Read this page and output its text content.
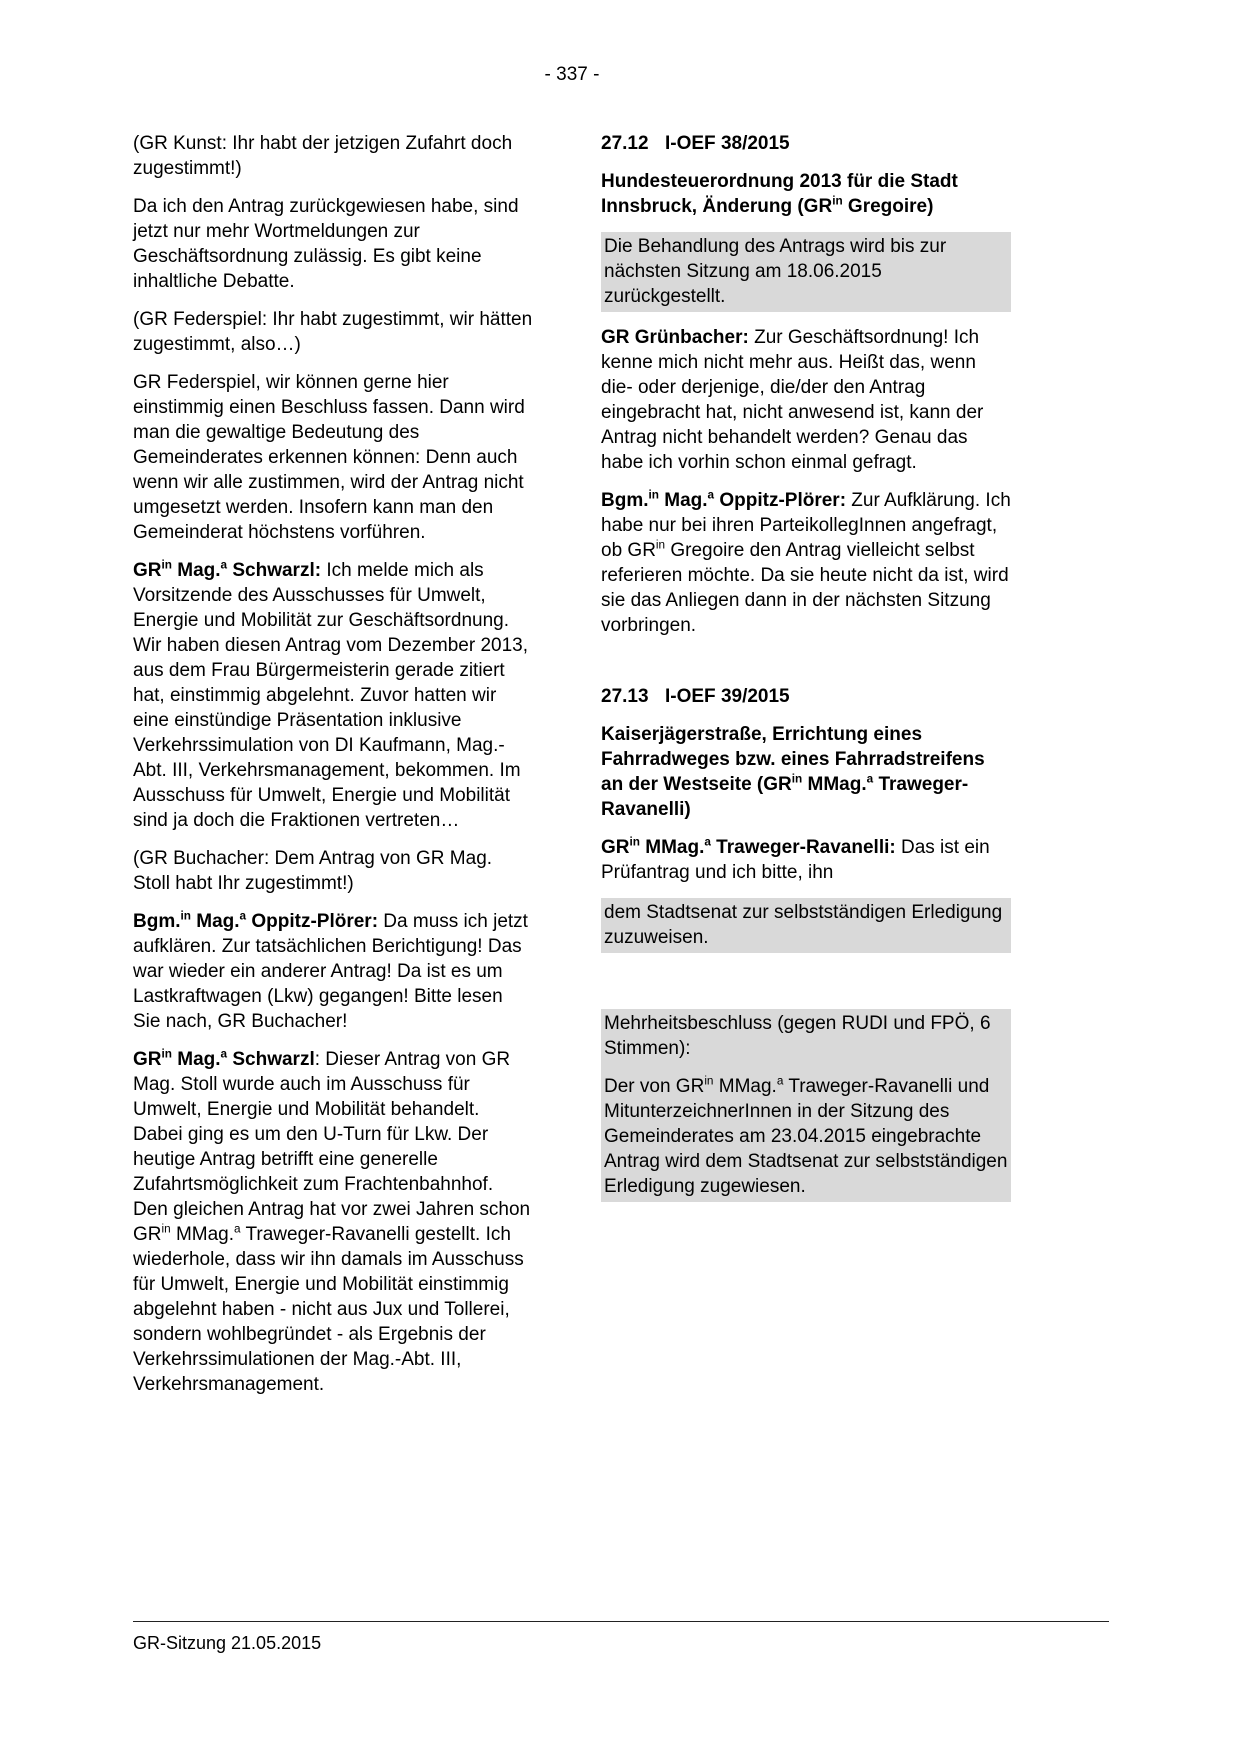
- 337 -

(GR Kunst: Ihr habt der jetzigen Zufahrt doch zugestimmt!)

Da ich den Antrag zurückgewiesen habe, sind jetzt nur mehr Wortmeldungen zur Geschäftsordnung zulässig. Es gibt keine inhaltliche Debatte.

(GR Federspiel: Ihr habt zugestimmt, wir hätten zugestimmt, also…)

GR Federspiel, wir können gerne hier einstimmig einen Beschluss fassen. Dann wird man die gewaltige Bedeutung des Gemeinderates erkennen können: Denn auch wenn wir alle zustimmen, wird der Antrag nicht umgesetzt werden. Insofern kann man den Gemeinderat höchstens vorführen.

$GR^{in}$ Mag.$^a$ Schwarzl: Ich melde mich als Vorsitzende des Ausschusses für Umwelt, Energie und Mobilität zur Geschäftsordnung. Wir haben diesen Antrag vom Dezember 2013, aus dem Frau Bürgermeisterin gerade zitiert hat, einstimmig abgelehnt. Zuvor hatten wir eine einstündige Präsentation inklusive Verkehrssimulation von DI Kaufmann, Mag.-Abt. III, Verkehrsmanagement, bekommen. Im Ausschuss für Umwelt, Energie und Mobilität sind ja doch die Fraktionen vertreten…

(GR Buchacher: Dem Antrag von GR Mag. Stoll habt Ihr zugestimmt!)

Bgm.$^{in}$ Mag.$^a$ Oppitz-Plörer: Da muss ich jetzt aufklären. Zur tatsächlichen Berichtigung! Das war wieder ein anderer Antrag! Da ist es um Lastkraftwagen (Lkw) gegangen! Bitte lesen Sie nach, GR Buchacher!

$GR^{in}$ Mag.$^a$ Schwarzl: Dieser Antrag von GR Mag. Stoll wurde auch im Ausschuss für Umwelt, Energie und Mobilität behandelt. Dabei ging es um den U-Turn für Lkw. Der heutige Antrag betrifft eine generelle Zufahrtsmöglichkeit zum Frachtenbahnhof. Den gleichen Antrag hat vor zwei Jahren schon $GR^{in}$ MMag.$^a$ Traweger-Ravanelli gestellt. Ich wiederhole, dass wir ihn damals im Ausschuss für Umwelt, Energie und Mobilität einstimmig abgelehnt haben - nicht aus Jux und Tollerei, sondern wohlbegründet - als Ergebnis der Verkehrssimulationen der Mag.-Abt. III, Verkehrsmanagement.

27.12 I-OEF 38/2015

Hundesteuerordnung 2013 für die Stadt Innsbruck, Änderung ($GR^{in}$ Gregoire)

Die Behandlung des Antrags wird bis zur nächsten Sitzung am 18.06.2015 zurückgestellt.

GR Grünbacher: Zur Geschäftsordnung! Ich kenne mich nicht mehr aus. Heißt das, wenn die- oder derjenige, die/der den Antrag eingebracht hat, nicht anwesend ist, kann der Antrag nicht behandelt werden? Genau das habe ich vorhin schon einmal gefragt.

Bgm.$^{in}$ Mag.$^a$ Oppitz-Plörer: Zur Aufklärung. Ich habe nur bei ihren ParteikollegInnen angefragt, ob $GR^{in}$ Gregoire den Antrag vielleicht selbst referieren möchte. Da sie heute nicht da ist, wird sie das Anliegen dann in der nächsten Sitzung vorbringen.

27.13 I-OEF 39/2015

Kaiserjägerstraße, Errichtung eines Fahrradweges bzw. eines Fahrradstreifens an der Westseite ($GR^{in}$ MMag.$^a$ Traweger-Ravanelli)

$GR^{in}$ MMag.$^a$ Traweger-Ravanelli: Das ist ein Prüfantrag und ich bitte, ihn

dem Stadtsenat zur selbstständigen Erledigung zuzuweisen.

Mehrheitsbeschluss (gegen RUDI und FPÖ, 6 Stimmen):
Der von $GR^{in}$ MMag.$^a$ Traweger-Ravanelli und MitunterzeichnerInnen in der Sitzung des Gemeinderates am 23.04.2015 eingebrachte Antrag wird dem Stadtsenat zur selbstständigen Erledigung zugewiesen.

GR-Sitzung 21.05.2015
